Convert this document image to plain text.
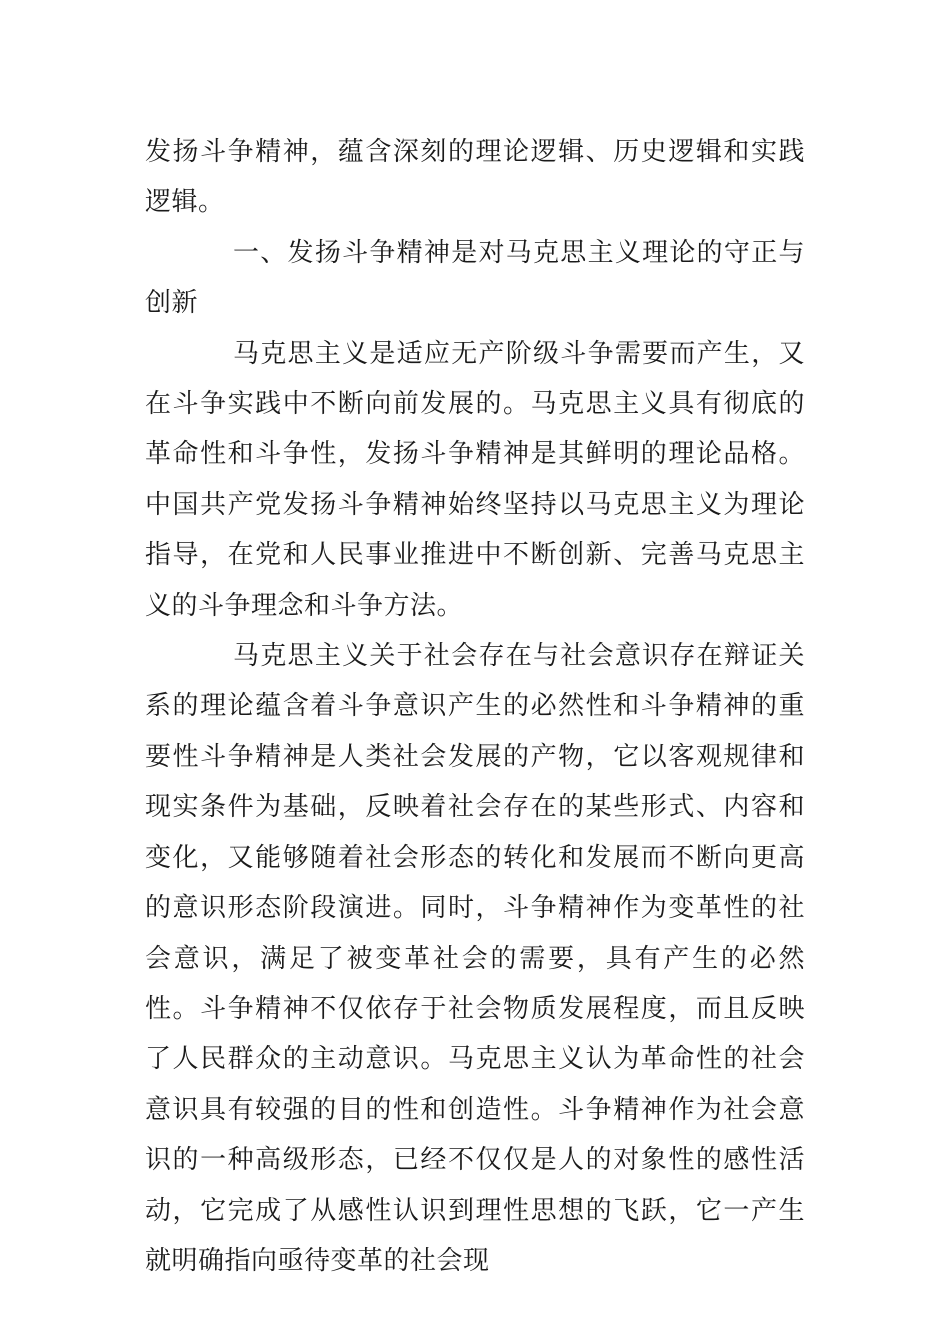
发扬斗争精神，蕴含深刻的理论逻辑、历史逻辑和实践逻辑。

一、发扬斗争精神是对马克思主义理论的守正与创新

马克思主义是适应无产阶级斗争需要而产生，又在斗争实践中不断向前发展的。马克思主义具有彻底的革命性和斗争性，发扬斗争精神是其鲜明的理论品格。中国共产党发扬斗争精神始终坚持以马克思主义为理论指导，在党和人民事业推进中不断创新、完善马克思主义的斗争理念和斗争方法。

马克思主义关于社会存在与社会意识存在辩证关系的理论蕴含着斗争意识产生的必然性和斗争精神的重要性斗争精神是人类社会发展的产物，它以客观规律和现实条件为基础，反映着社会存在的某些形式、内容和变化，又能够随着社会形态的转化和发展而不断向更高的意识形态阶段演进。同时，斗争精神作为变革性的社会意识，满足了被变革社会的需要，具有产生的必然性。斗争精神不仅依存于社会物质发展程度，而且反映了人民群众的主动意识。马克思主义认为革命性的社会意识具有较强的目的性和创造性。斗争精神作为社会意识的一种高级形态，已经不仅仅是人的对象性的感性活动，它完成了从感性认识到理性思想的飞跃，它一产生就明确指向亟待变革的社会现
